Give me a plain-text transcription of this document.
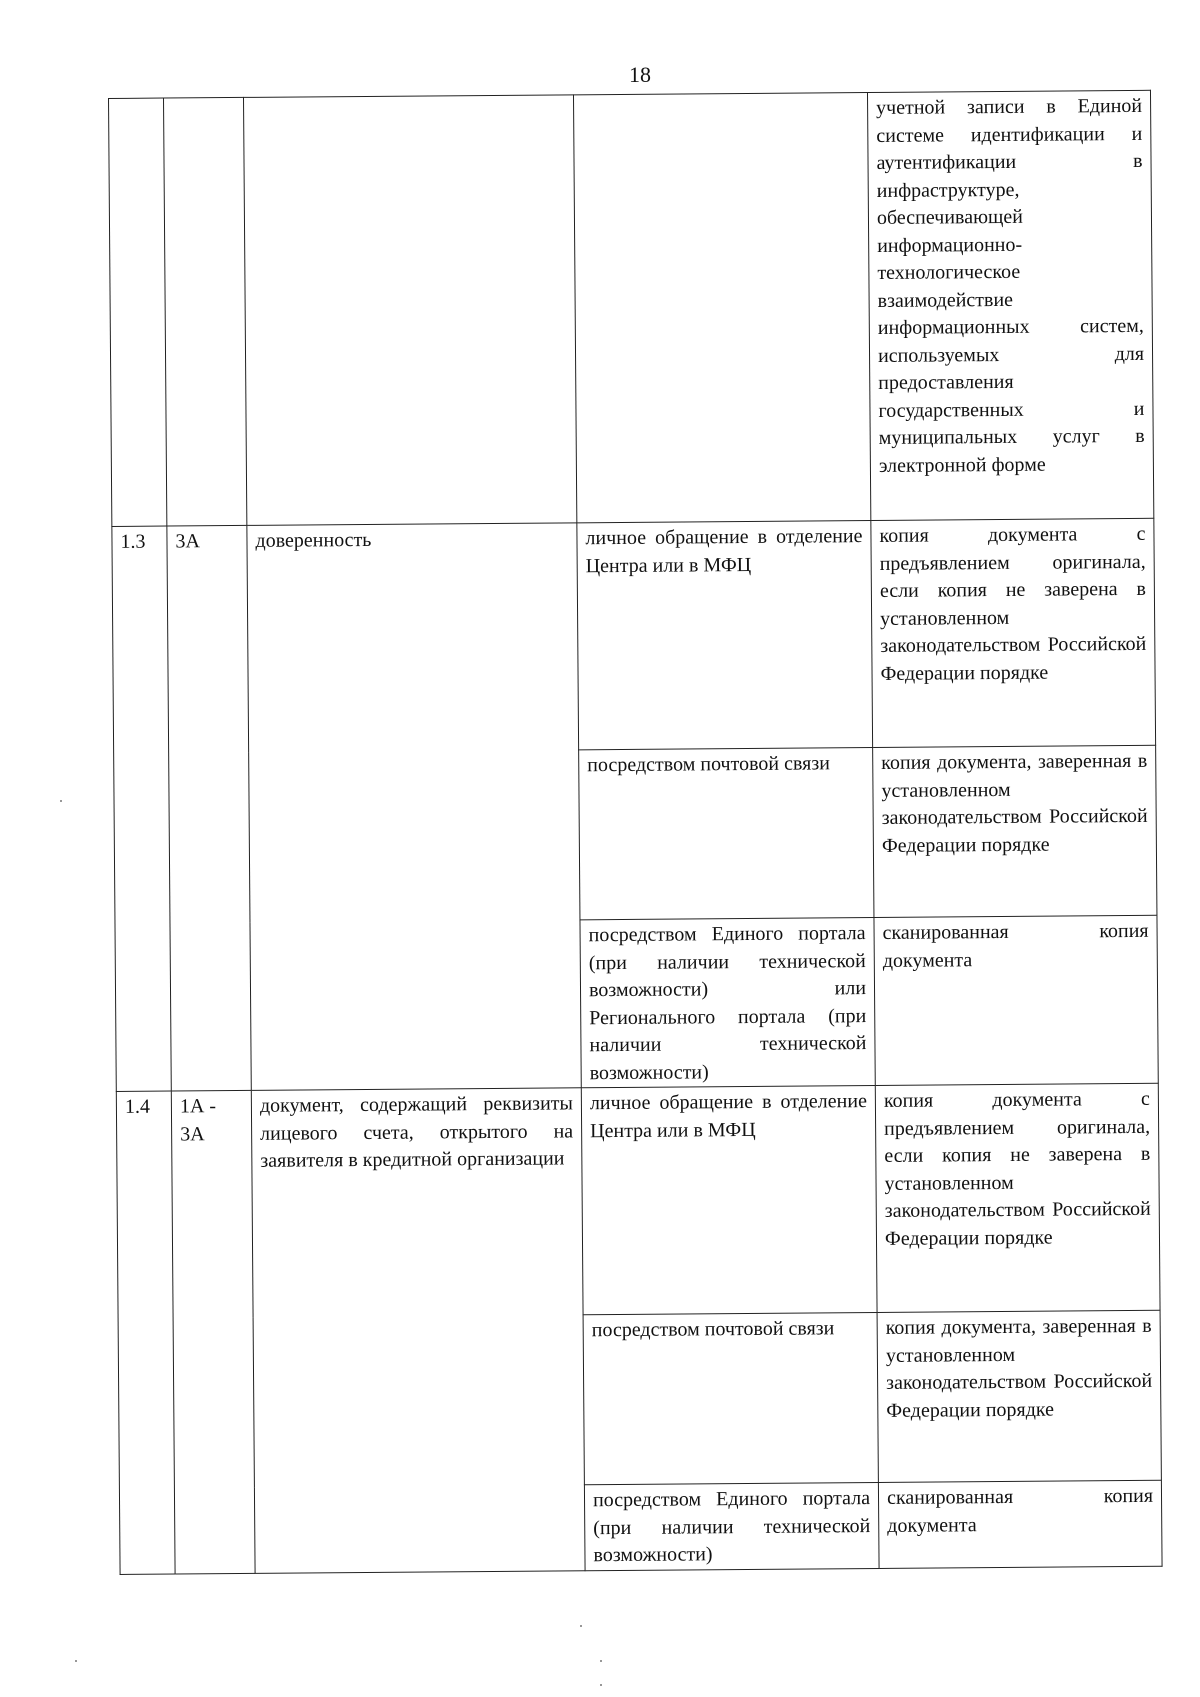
18
				учетной записи в Единой системе идентификации и аутентификации в инфраструктуре, обеспечивающей информационно-технологическое взаимодействие информационных систем, используемых для предоставления государственных и муниципальных услуг в электронной форме
1.3	3А	доверенность	личное обращение в отделение Центра или в МФЦ	копия документа с предъявлением оригинала, если копия не заверена в установленном законодательством Российской Федерации порядке
			посредством почтовой связи	копия документа, заверенная в установленном законодательством Российской Федерации порядке
			посредством Единого портала (при наличии технической возможности) или Регионального портала (при наличии технической возможности)	сканированная копия документа
1.4	1А - 3А	документ, содержащий реквизиты лицевого счета, открытого на заявителя в кредитной организации	личное обращение в отделение Центра или в МФЦ	копия документа с предъявлением оригинала, если копия не заверена в установленном законодательством Российской Федерации порядке
			посредством почтовой связи	копия документа, заверенная в установленном законодательством Российской Федерации порядке
			посредством Единого портала (при наличии технической возможности)	сканированная копия документа
